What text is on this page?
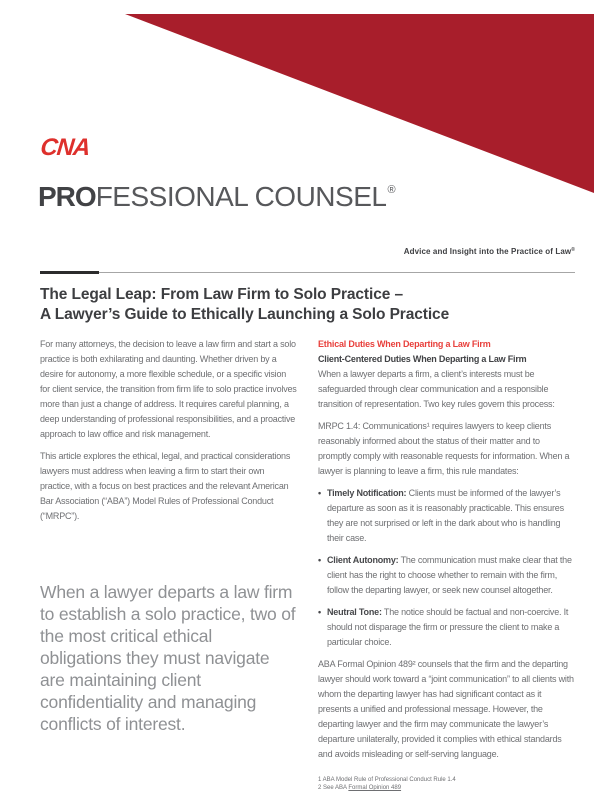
CNA
PROFESSIONAL COUNSEL®
Advice and Insight into the Practice of Law®
The Legal Leap: From Law Firm to Solo Practice –
A Lawyer’s Guide to Ethically Launching a Solo Practice

For many attorneys, the decision to leave a law firm and start a solo practice is both exhilarating and daunting. Whether driven by a desire for autonomy, a more flexible schedule, or a specific vision for client service, the transition from firm life to solo practice involves more than just a change of address. It requires careful planning, a deep understanding of professional responsibilities, and a proactive approach to law office and risk management.

This article explores the ethical, legal, and practical considerations lawyers must address when leaving a firm to start their own practice, with a focus on best practices and the relevant American Bar Association (“ABA”) Model Rules of Professional Conduct (“MRPC”).

When a lawyer departs a law firm to establish a solo practice, two of the most critical ethical obligations they must navigate are maintaining client confidentiality and managing conflicts of interest.
Ethical Duties When Departing a Law Firm
Client-Centered Duties When Departing a Law Firm

When a lawyer departs a firm, a client’s interests must be safeguarded through clear communication and a responsible transition of representation. Two key rules govern this process:

MRPC 1.4: Communications¹ requires lawyers to keep clients reasonably informed about the status of their matter and to promptly comply with reasonable requests for information. When a lawyer is planning to leave a firm, this rule mandates:

• Timely Notification: Clients must be informed of the lawyer’s departure as soon as it is reasonably practicable. This ensures they are not surprised or left in the dark about who is handling their case.
• Client Autonomy: The communication must make clear that the client has the right to choose whether to remain with the firm, follow the departing lawyer, or seek new counsel altogether.
• Neutral Tone: The notice should be factual and non-coercive. It should not disparage the firm or pressure the client to make a particular choice.

ABA Formal Opinion 489² counsels that the firm and the departing lawyer should work toward a “joint communication” to all clients with whom the departing lawyer has had significant contact as it presents a unified and professional message. However, the departing lawyer and the firm may communicate the lawyer’s departure unilaterally, provided it complies with ethical standards and avoids misleading or self-serving language.

1 ABA Model Rule of Professional Conduct Rule 1.4
2 See ABA Formal Opinion 489
